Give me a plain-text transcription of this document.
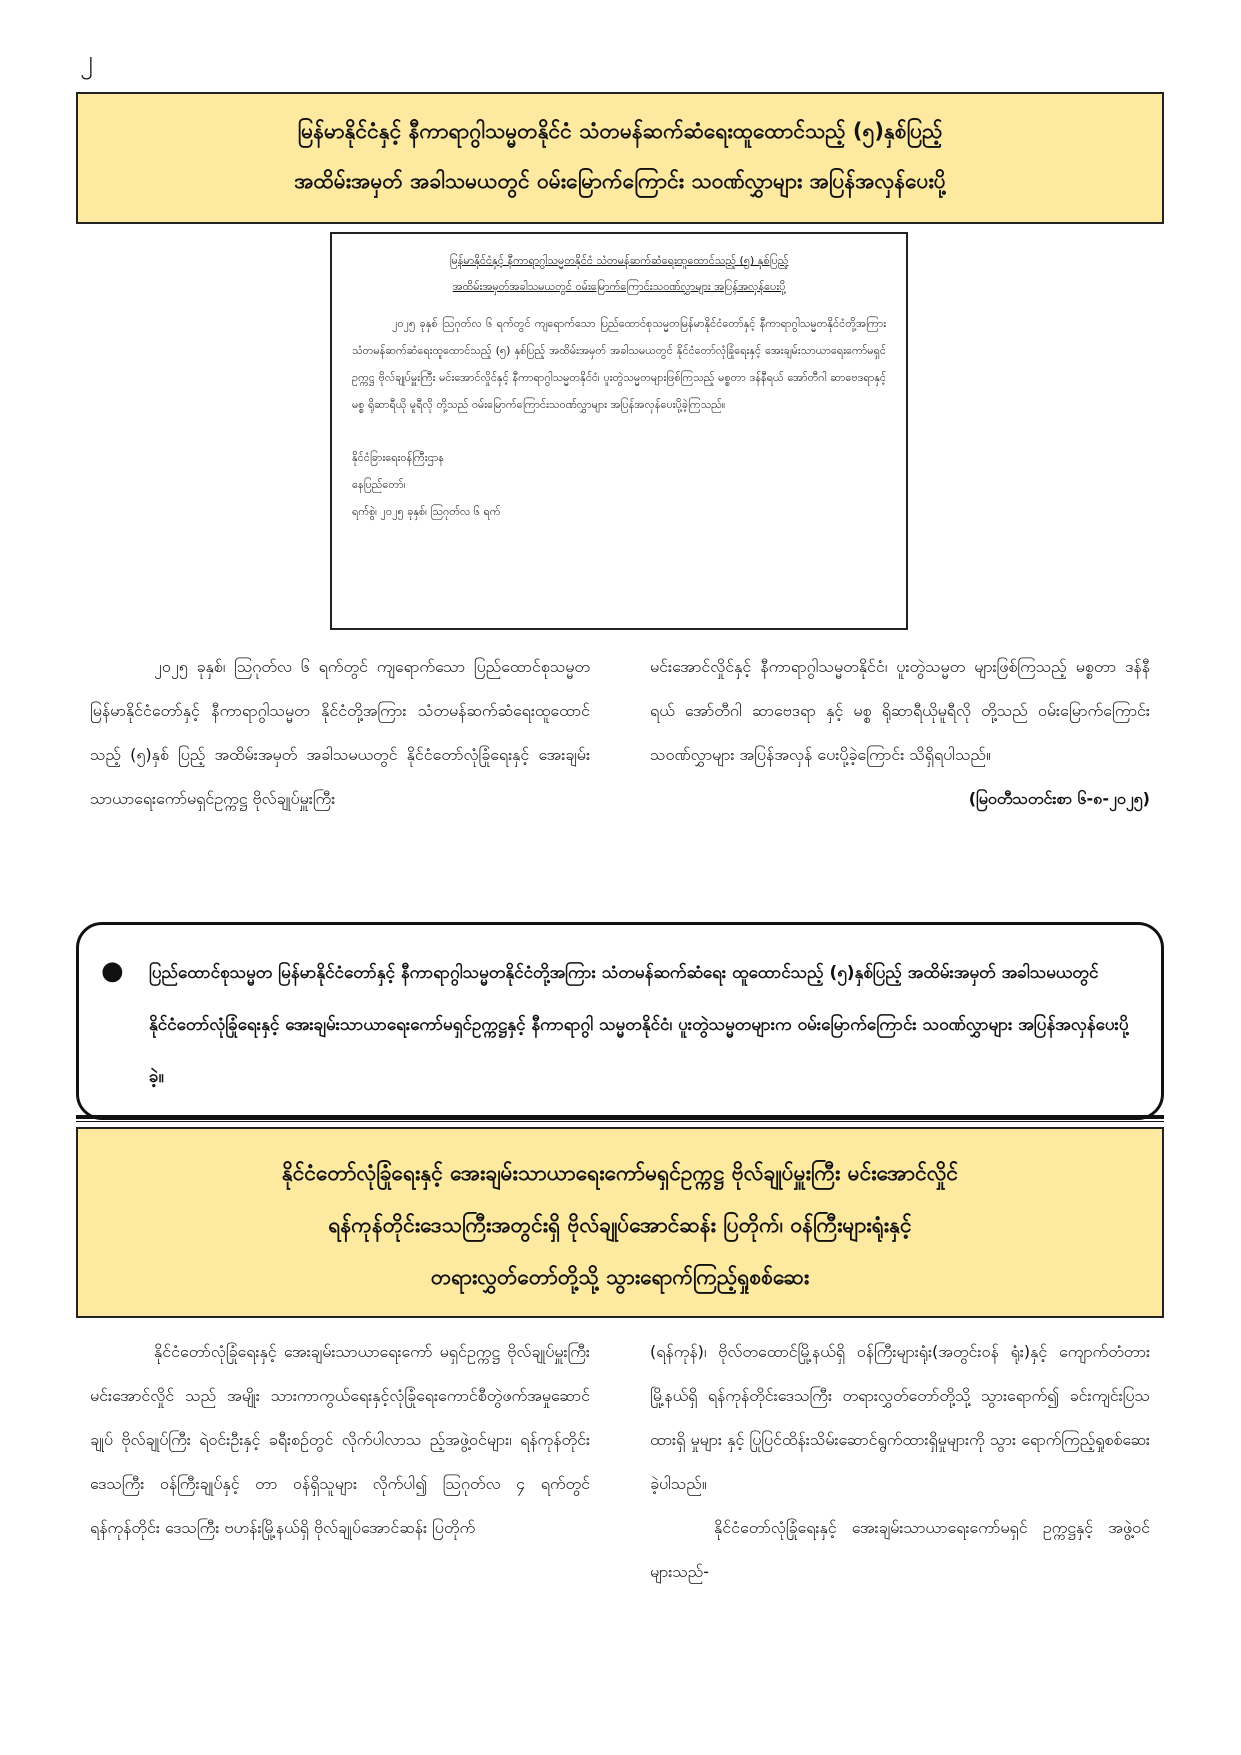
၂
မြန်မာနိုင်ငံနှင့် နီကာရာဂွါသမ္မတနိုင်ငံ သံတမန်ဆက်ဆံရေးထူထောင်သည့် (၅)နှစ်ပြည့်
အထိမ်းအမှတ် အခါသမယတွင် ဝမ်းမြောက်ကြောင်း သဝဏ်လွှာများ အပြန်အလှန်ပေးပို့
မြန်မာနိုင်ငံနှင့် နီကာရာဂွါသမ္မတနိုင်ငံ သံတမန်ဆက်ဆံရေးထူထောင်သည့် (၅) နှစ်ပြည့်
အထိမ်းအမှတ်အခါသမယတွင် ဝမ်းမြောက်ကြောင်းသဝဏ်လွှာများ အပြန်အလှန်ပေးပို့
၂၀၂၅ ခုနှစ် ဩဂုတ်လ ၆ ရက်တွင် ကျရောက်သော ပြည်ထောင်စုသမ္မတမြန်မာနိုင်ငံတော်နှင့် နီကာရာဂွါသမ္မတနိုင်ငံတို့အကြား သံတမန်ဆက်ဆံရေးထူထောင်သည့် (၅) နှစ်ပြည့် အထိမ်းအမှတ် အခါသမယတွင် နိုင်ငံတော်လုံခြုံရေးနှင့် အေးချမ်းသာယာရေးကော်မရှင်ဥက္ကဋ္ဌ ဗိုလ်ချုပ်မှူးကြီး မင်းအောင်လှိုင်နှင့် နီကာရာဂွါသမ္မတနိုင်ငံ၊ ပူးတွဲသမ္မတများဖြစ်ကြသည့် မစ္စတာ ဒန်နီရယ် အော်တီဂါ ဆာဗေဒရာနှင့် မစ္စ ရိုဆာရီယို မူရီလို တို့သည် ဝမ်းမြောက်ကြောင်းသဝဏ်လွှာများ အပြန်အလှန်ပေးပို့ခဲ့ကြသည်။
နိုင်ငံခြားရေးဝန်ကြီးဌာန
နေပြည်တော်၊
ရက်စွဲ၊ ၂၀၂၅ ခုနှစ်၊ ဩဂုတ်လ ၆ ရက်

၂၀၂၅ ခုနှစ်၊ ဩဂုတ်လ ၆ ရက်တွင် ကျရောက်သော ပြည်ထောင်စုသမ္မတ မြန်မာနိုင်ငံတော်နှင့် နီကာရာဂွါသမ္မတ နိုင်ငံတို့အကြား သံတမန်ဆက်ဆံရေးထူထောင်သည့် (၅)နှစ် ပြည့် အထိမ်းအမှတ် အခါသမယတွင် နိုင်ငံတော်လုံခြုံရေးနှင့် အေးချမ်းသာယာရေးကော်မရှင်ဥက္ကဋ္ဌ ဗိုလ်ချုပ်မှူးကြီး

မင်းအောင်လှိုင်နှင့် နီကာရာဂွါသမ္မတနိုင်ငံ၊ ပူးတွဲသမ္မတ များဖြစ်ကြသည့် မစ္စတာ ဒန်နီရယ် အော်တီဂါ ဆာဗေဒရာ နှင့် မစ္စ ရိုဆာရီယိုမူရီလို တို့သည် ဝမ်းမြောက်ကြောင်း သဝဏ်လွှာများ အပြန်အလှန် ပေးပို့ခဲ့ကြောင်း သိရှိရပါသည်။

(မြဝတီသတင်းစာ ၆-၈-၂၀၂၅)

● ပြည်ထောင်စုသမ္မတ မြန်မာနိုင်ငံတော်နှင့် နီကာရာဂွါသမ္မတနိုင်ငံတို့အကြား သံတမန်ဆက်ဆံရေး ထူထောင်သည့် (၅)နှစ်ပြည့် အထိမ်းအမှတ် အခါသမယတွင် နိုင်ငံတော်လုံခြုံရေးနှင့် အေးချမ်းသာယာရေးကော်မရှင်ဥက္ကဋ္ဌနှင့် နီကာရာဂွါ သမ္မတနိုင်ငံ၊ ပူးတွဲသမ္မတများက ဝမ်းမြောက်ကြောင်း သဝဏ်လွှာများ အပြန်အလှန်ပေးပို့ခဲ့။
နိုင်ငံတော်လုံခြုံရေးနှင့် အေးချမ်းသာယာရေးကော်မရှင်ဥက္ကဋ္ဌ ဗိုလ်ချုပ်မှူးကြီး မင်းအောင်လှိုင်
ရန်ကုန်တိုင်းဒေသကြီးအတွင်းရှိ ဗိုလ်ချုပ်အောင်ဆန်း ပြတိုက်၊ ဝန်ကြီးများရုံးနှင့်
တရားလွှတ်တော်တို့သို့ သွားရောက်ကြည့်ရှုစစ်ဆေး

နိုင်ငံတော်လုံခြုံရေးနှင့် အေးချမ်းသာယာရေးကော် မရှင်ဥက္ကဋ္ဌ ဗိုလ်ချုပ်မှူးကြီးမင်းအောင်လှိုင် သည် အမျိုး သားကာကွယ်ရေးနှင့်လုံခြုံရေးကောင်စီတွဲဖက်အမှုဆောင် ချုပ် ဗိုလ်ချုပ်ကြီး ရဲဝင်းဦးနှင့် ခရီးစဉ်တွင် လိုက်ပါလာသ ည့်အဖွဲ့ဝင်များ၊ ရန်ကုန်တိုင်းဒေသကြီး ဝန်ကြီးချုပ်နှင့် တာ ဝန်ရှိသူများ လိုက်ပါ၍ ဩဂုတ်လ ၄ ရက်တွင် ရန်ကုန်တိုင်း ဒေသကြီး ဗဟန်းမြို့နယ်ရှိ ဗိုလ်ချုပ်အောင်ဆန်း ပြတိုက်

(ရန်ကုန်)၊ ဗိုလ်တထောင်မြို့နယ်ရှိ ဝန်ကြီးများရုံး(အတွင်းဝန် ရုံး)နှင့် ကျောက်တံတားမြို့နယ်ရှိ ရန်ကုန်တိုင်းဒေသကြီး တရားလွှတ်တော်တို့သို့ သွားရောက်၍ ခင်းကျင်းပြသထားရှိ မှုများ နှင့် ပြုပြင်ထိန်းသိမ်းဆောင်ရွက်ထားရှိမှုများကို သွား ရောက်ကြည့်ရှုစစ်ဆေးခဲ့ပါသည်။

နိုင်ငံတော်လုံခြုံရေးနှင့် အေးချမ်းသာယာရေးကော်မရှင် ဥက္ကဋ္ဌနှင့် အဖွဲ့ဝင်များသည်-
